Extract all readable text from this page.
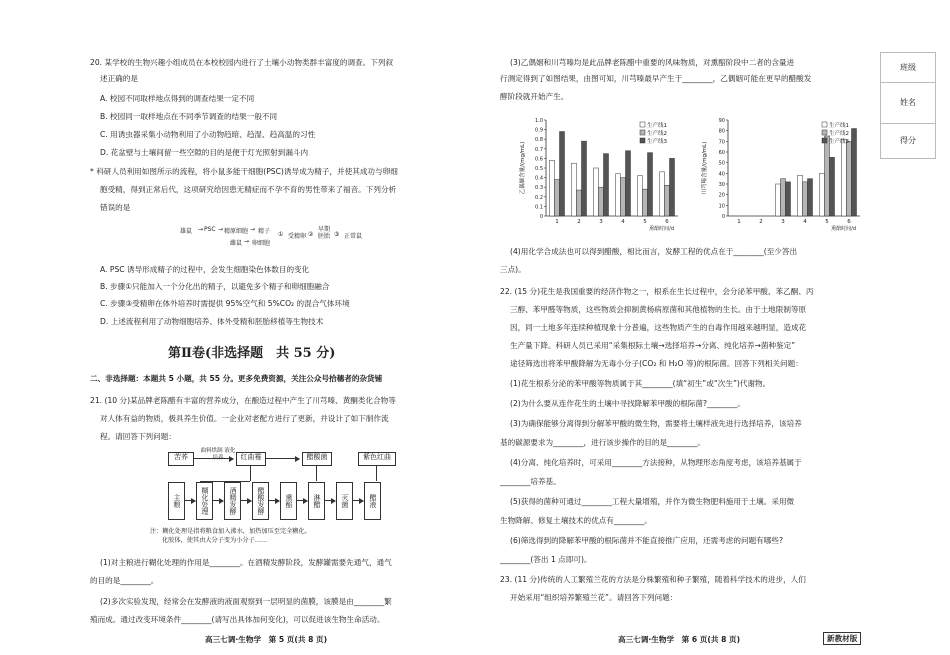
20. 某学校的生物兴趣小组成员在本校校园内进行了土壤小动物类群丰富度的调查。下列叙
述正确的是
A. 校园不同取样地点得到的调查结果一定不同
B. 校园同一取样地点在不同季节调查的结果一般不同
C. 用诱虫器采集小动物利用了小动物趋暗、趋湿、趋高温的习性
D. 花盆壁与土壤间留一些空隙的目的是便于灯光照射到漏斗内
* 科研人员利用如图所示的流程，将小鼠多能干细胞(PSC)诱导成为精子，并使其成功与卵细
胞受精，得到正常后代，这项研究给因患无精症而不孕不育的男性带来了福音。下列分析
错误的是
雄鼠 → PSC → 精原细胞 → 精子 ① 受精卵 ②
早期胚胎 ③ 正常鼠
雌鼠 → 卵细胞
A. PSC 诱导形成精子的过程中，会发生细胞染色体数目的变化
B. 步骤①只能加入一个分化出的精子，以避免多个精子和卵细胞融合
C. 步骤③受精卵在体外培养时需提供 95%空气和 5%CO₂ 的混合气体环境
D. 上述流程利用了动物细胞培养、体外受精和胚胎移植等生物技术
第Ⅱ卷(非选择题　共 55 分)
二、非选择题：本题共 5 小题，共 55 分。更多免费资源，关注公众号拾穗者的杂货铺
21. (10 分)某品牌老陈醋有丰富的营养成分，在酿造过程中产生了川芎嗪、黄酮类化合物等
对人体有益的物质，极具养生价值。一企业对老配方进行了更新，并设计了如下制作流
程。请回答下列问题：
苦荞
曲料烘制 液化培养	红曲霉	醋酸菌	紫色红曲
主粮	糊化处理	酒精发酵	醋酸发酵	熏醅	淋醋	灭菌	醋液
注：糊化处理是指将粮食加入沸水，加热加压至完全糊化。
化胶体，使其由大分子变为小分子……
(1)对主粮进行糊化处理的作用是________。在酒精发酵阶段，发酵罐需要先通气，通气
的目的是________。
(2)多次实验发现，经常会在发酵液的液面观察到一层明显的菌膜，该膜是由________繁
殖而成。通过改变环境条件________(请写出具体加何变化)，可以促进该生物生命活动。
高三七调·生物学　第 5 页(共 8 页)
(3)乙偶姻和川芎嗪均是此品牌老陈醋中重要的风味物质，对熏醅阶段中二者的含量进
行测定得到了如图结果，由图可知，川芎嗪最早产生于________，乙偶姻可能在更早的醋酸发
酵阶段就开始产生。
0
0.1
0.2
0.3
0.4
0.5
0.6
0.7
0.8
0.9
1.0
乙偶姻含量/(mg/mL)
1	2	3	4	5	6
熏醅时间/d
生产线1
生产线2
生产线3
0
10
20
30
40
50
60
70
80
90
川芎嗪含量/(mg/mL)
1	2	3	4	5	6
熏醅时间/d
生产线1
生产线2
生产线3
(4)用化学合成法也可以得到醋酸，相比而言，发酵工程的优点在于________(至少答出
三点)。
22. (15 分)花生是我国重要的经济作物之一，根系在生长过程中，会分泌苯甲酸、苯乙酮、丙
三醇、苯甲醛等物质，这些物质会抑制黄杨病原菌和其他植物的生长。由于土地限制等原
因，同一土地多年连续种植现象十分普遍，这些物质产生的自毒作用越来越明显，造成花
生产量下降。科研人员已采用“采集根际土壤→选择培养→分离、纯化培养→菌种鉴定”
途径筛选出将苯甲酸降解为无毒小分子(CO₂ 和 H₂O 等)的根际菌。回答下列相关问题：
(1)花生根系分泌的苯甲酸等物质属于其________(填“初生”或“次生”)代谢物。
(2)为什么要从连作花生的土壤中寻找降解苯甲酸的根际菌?________。
(3)为确保能够分离得到分解苯甲酸的微生物，需要将土壤样液先进行选择培养，该培养
基的碳源要求为________，进行该步操作的目的是________。
(4)分离、纯化培养时，可采用________方法接种，从物理形态角度考虑，该培养基属于
________培养基。
(5)获得的菌种可通过________工程大量增殖，并作为微生物肥料施用于土壤。采用微
生物降解、修复土壤技术的优点有________。
(6)筛选得到的降解苯甲酸的根际菌并不能直接推广应用，还需考虑的问题有哪些?
________(答出 1 点即可)。
23. (11 分)传统的人工繁殖兰花的方法是分株繁殖和种子繁殖，随着科学技术的进步，人们
开始采用“组织培养繁殖兰花”。请回答下列问题：
高三七调·生物学　第 6 页(共 8 页)	新教材版
班级
姓名
得分
